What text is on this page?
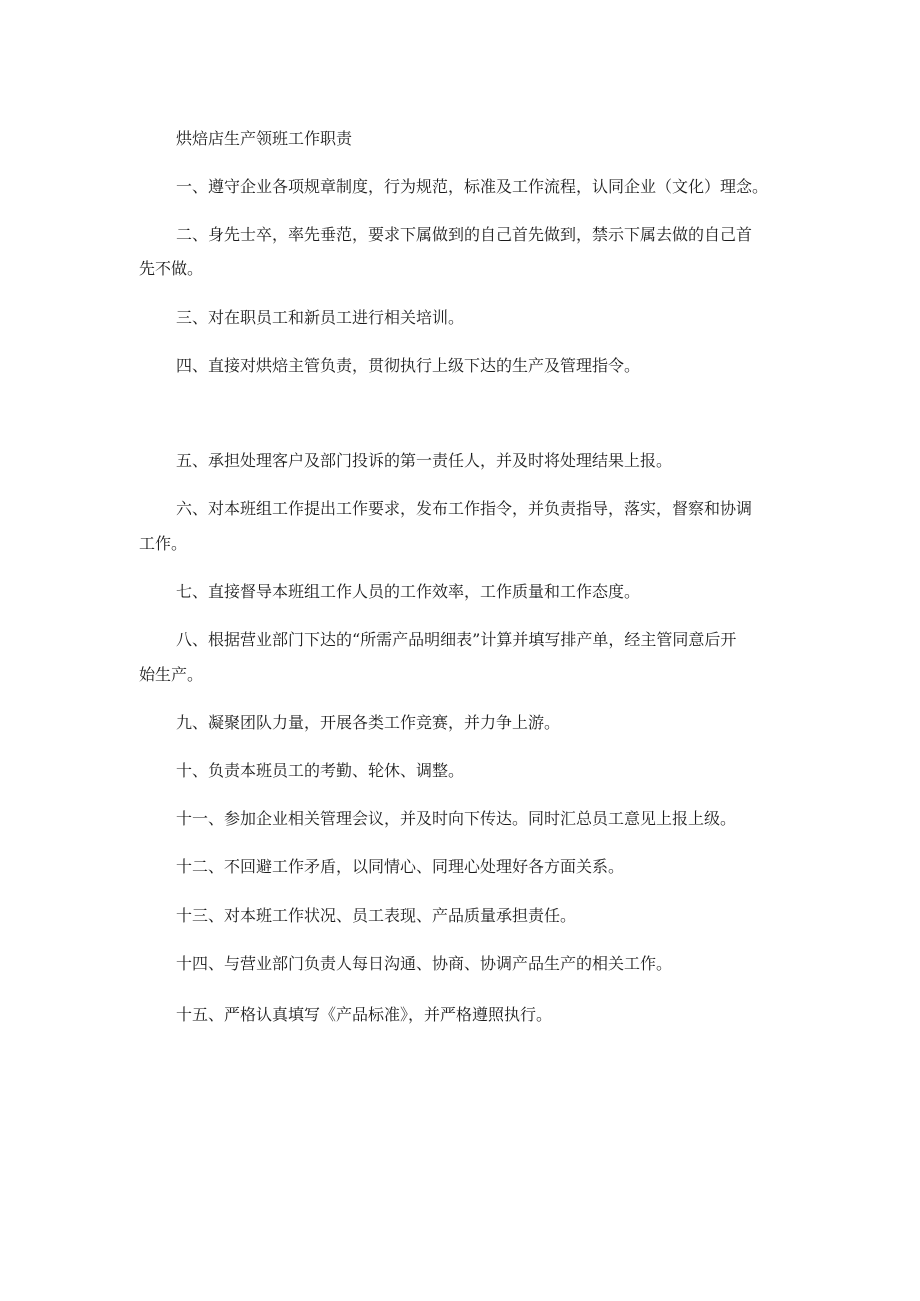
烘焙店生产领班工作职责
一、遵守企业各项规章制度，行为规范，标准及工作流程，认同企业（文化）理念。
二、身先士卒，率先垂范，要求下属做到的自己首先做到，禁示下属去做的自己首
先不做。
三、对在职员工和新员工进行相关培训。
四、直接对烘焙主管负责，贯彻执行上级下达的生产及管理指令。
五、承担处理客户及部门投诉的第一责任人，并及时将处理结果上报。
六、对本班组工作提出工作要求，发布工作指令，并负责指导，落实，督察和协调
工作。
七、直接督导本班组工作人员的工作效率，工作质量和工作态度。
八、根据营业部门下达的“所需产品明细表”计算并填写排产单，经主管同意后开
始生产。
九、凝聚团队力量，开展各类工作竞赛，并力争上游。
十、负责本班员工的考勤、轮休、调整。
十一、参加企业相关管理会议，并及时向下传达。同时汇总员工意见上报上级。
十二、不回避工作矛盾，以同情心、同理心处理好各方面关系。
十三、对本班工作状况、员工表现、产品质量承担责任。
十四、与营业部门负责人每日沟通、协商、协调产品生产的相关工作。
十五、严格认真填写《产品标准》，并严格遵照执行。
